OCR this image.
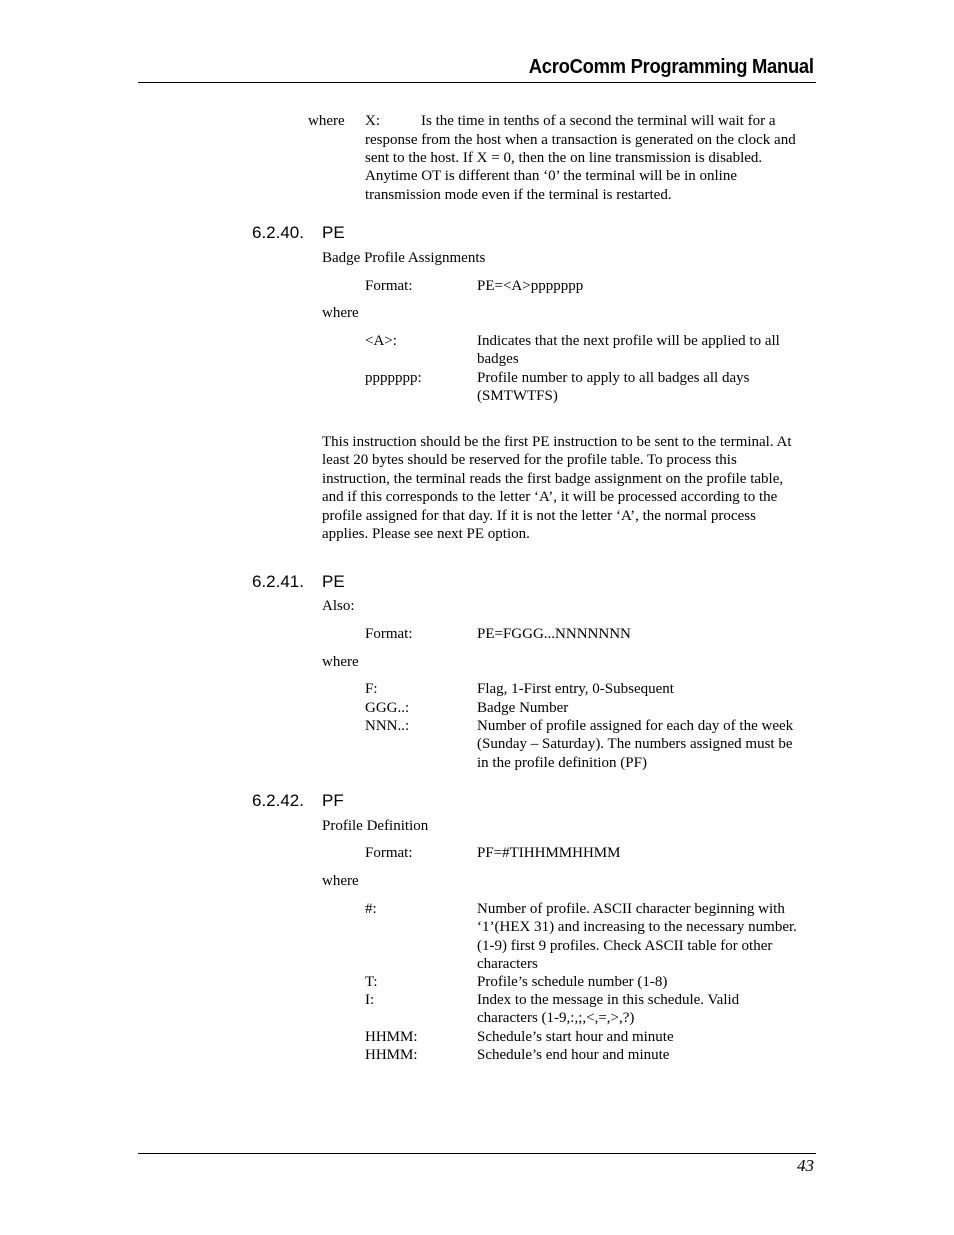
AcroComm Programming Manual
where X:	Is the time in tenths of a second the terminal will wait for a

response from the host when a transaction is generated on the clock and

sent to the host. If X = 0, then the on line transmission is disabled.

Anytime OT is different than ‘0’ the terminal will be in online

transmission mode even if the terminal is restarted.

6.2.40. PE
Badge Profile Assignments
Format:	PE=<A>ppppppp
where
<A>:	Indicates that the next profile will be applied to all

badges

ppppppp:	Profile number to apply to all badges all days

(SMTWTFS)

This instruction should be the first PE instruction to be sent to the terminal. At

least 20 bytes should be reserved for the profile table. To process this

instruction, the terminal reads the first badge assignment on the profile table,

and if this corresponds to the letter ‘A’, it will be processed according to the

profile assigned for that day. If it is not the letter ‘A’, the normal process

applies. Please see next PE option.

6.2.41. PE
Also:
Format:	PE=FGGG...NNNNNNN
where
F:	Flag, 1-First entry, 0-Subsequent

GGG..:	Badge Number

NNN..:	Number of profile assigned for each day of the week

(Sunday – Saturday). The numbers assigned must be

in the profile definition (PF)

6.2.42. PF
Profile Definition
Format:	PF=#TIHHMMHHMM
where
#:	Number of profile. ASCII character beginning with

‘1’(HEX 31) and increasing to the necessary number.

(1-9) first 9 profiles. Check ASCII table for other

characters

T:	Profile’s schedule number (1-8)

I:	Index to the message in this schedule. Valid

characters (1-9,:,;,<,=,>,?)

HHMM:	Schedule’s start hour and minute

HHMM:	Schedule’s end hour and minute

43
